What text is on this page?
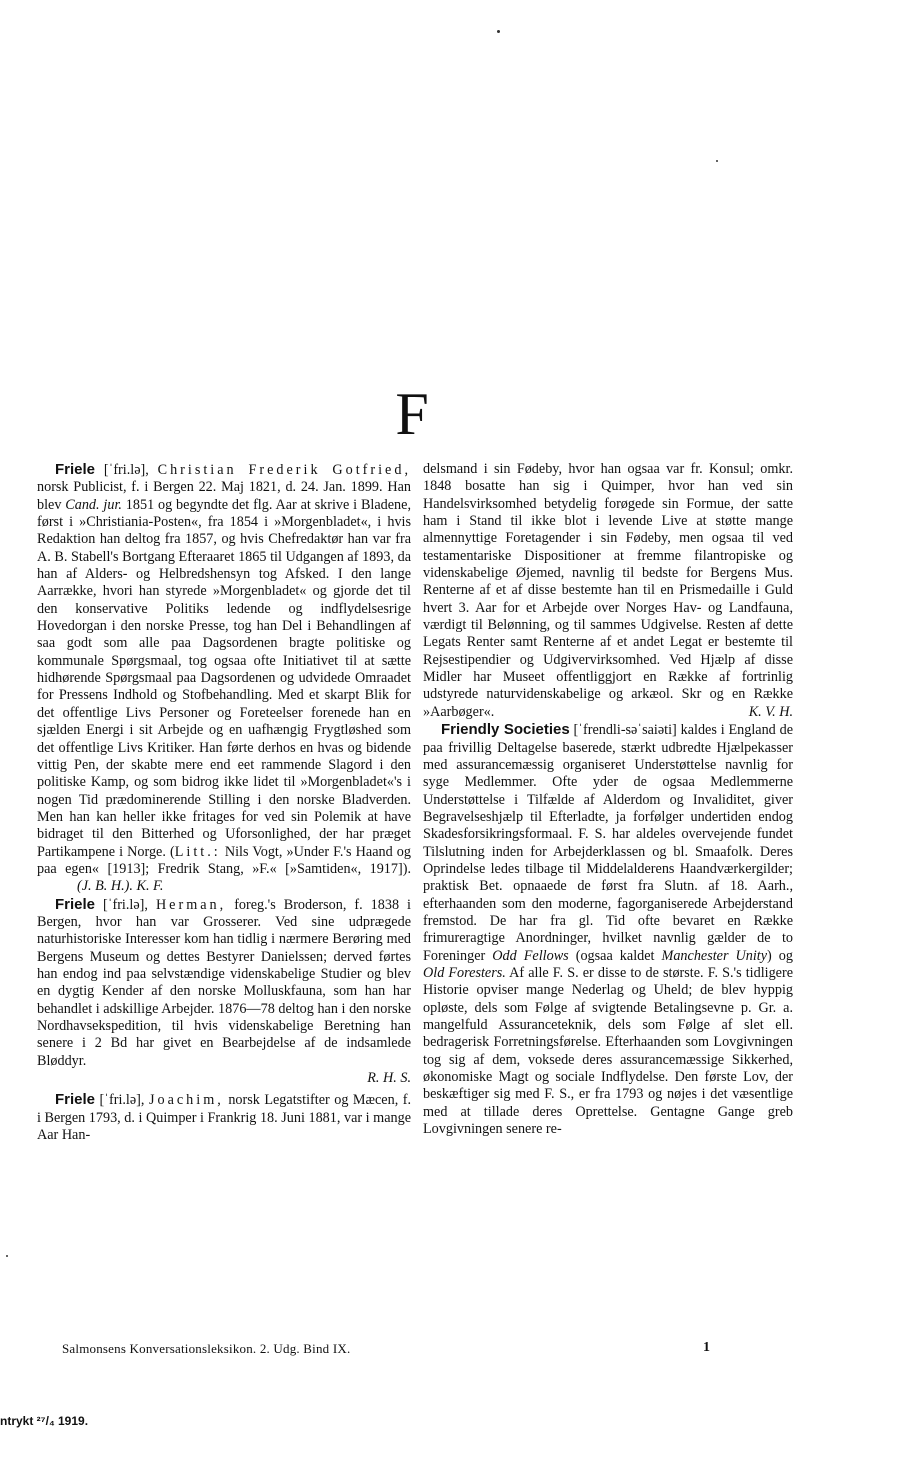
F

Friele [ˈfri.lə], Christian Frederik Gotfried, norsk Publicist, f. i Bergen 22. Maj 1821, d. 24. Jan. 1899. Han blev Cand. jur. 1851 og begyndte det flg. Aar at skrive i Bladene, først i »Christiania-Posten«, fra 1854 i »Morgenbladet«, i hvis Redaktion han deltog fra 1857, og hvis Chefredaktør han var fra A. B. Stabell's Bortgang Efteraaret 1865 til Udgangen af 1893, da han af Alders- og Helbredshensyn tog Afsked. I den lange Aarrække, hvori han styrede »Morgenbladet« og gjorde det til den konservative Politiks ledende og indflydelsesrige Hovedorgan i den norske Presse, tog han Del i Behandlingen af saa godt som alle paa Dagsordenen bragte politiske og kommunale Spørgsmaal, tog ogsaa ofte Initiativet til at sætte hidhørende Spørgsmaal paa Dagsordenen og udvidede Omraadet for Pressens Indhold og Stofbehandling. Med et skarpt Blik for det offentlige Livs Personer og Foreteelser forenede han en sjælden Energi i sit Arbejde og en uafhængig Frygtløshed som det offentlige Livs Kritiker. Han førte derhos en hvas og bidende vittig Pen, der skabte mere end eet rammende Slagord i den politiske Kamp, og som bidrog ikke lidet til »Morgenbladet«'s i nogen Tid prædominerende Stilling i den norske Bladverden. Men han kan heller ikke fritages for ved sin Polemik at have bidraget til den Bitterhed og Uforsonlighed, der har præget Partikampene i Norge. (Litt.: Nils Vogt, »Under F.'s Haand og paa egen« [1913]; Fredrik Stang, »F.« [»Samtiden«, 1917]). (J. B. H.). K. F.

Friele [ˈfri.lə], Herman, foreg.'s Broderson, f. 1838 i Bergen, hvor han var Grosserer. Ved sine udprægede naturhistoriske Interesser kom han tidlig i nærmere Berøring med Bergens Museum og dettes Bestyrer Danielssen; derved førtes han endog ind paa selvstændige videnskabelige Studier og blev en dygtig Kender af den norske Molluskfauna, som han har behandlet i adskillige Arbejder. 1876—78 deltog han i den norske Nordhavsekspedition, til hvis videnskabelige Beretning han senere i 2 Bd har givet en Bearbejdelse af de indsamlede Bløddyr.
R. H. S.

Friele [ˈfri.lə], Joachim, norsk Legatstifter og Mæcen, f. i Bergen 1793, d. i Quimper i Frankrig 18. Juni 1881, var i mange Aar Han-

delsmand i sin Fødeby, hvor han ogsaa var fr. Konsul; omkr. 1848 bosatte han sig i Quimper, hvor han ved sin Handelsvirksomhed betydelig forøgede sin Formue, der satte ham i Stand til ikke blot i levende Live at støtte mange almennyttige Foretagender i sin Fødeby, men ogsaa til ved testamentariske Dispositioner at fremme filantropiske og videnskabelige Øjemed, navnlig til bedste for Bergens Mus. Renterne af et af disse bestemte han til en Prismedaille i Guld hvert 3. Aar for et Arbejde over Norges Hav- og Landfauna, værdigt til Belønning, og til sammes Udgivelse. Resten af dette Legats Renter samt Renterne af et andet Legat er bestemte til Rejsestipendier og Udgivervirksomhed. Ved Hjælp af disse Midler har Museet offentliggjort en Række af fortrinlig udstyrede naturvidenskabelige og arkæol. Skr og en Række »Aarbøger«.	K. V. H.

Friendly Societies [ˈfrendli-səˈsaiəti] kaldes i England de paa frivillig Deltagelse baserede, stærkt udbredte Hjælpekasser med assurancemæssig organiseret Understøttelse navnlig for syge Medlemmer. Ofte yder de ogsaa Medlemmerne Understøttelse i Tilfælde af Alderdom og Invaliditet, giver Begravelseshjælp til Efterladte, ja forfølger undertiden endog Skadesforsikringsformaal. F. S. har aldeles overvejende fundet Tilslutning inden for Arbejderklassen og bl. Smaafolk. Deres Oprindelse ledes tilbage til Middelalderens Haandværkergilder; praktisk Bet. opnaaede de først fra Slutn. af 18. Aarh., efterhaanden som den moderne, fagorganiserede Arbejderstand fremstod. De har fra gl. Tid ofte bevaret en Række frimureragtige Anordninger, hvilket navnlig gælder de to Foreninger Odd Fellows (ogsaa kaldet Manchester Unity) og Old Foresters. Af alle F. S. er disse to de største. F. S.'s tidligere Historie opviser mange Nederlag og Uheld; de blev hyppig opløste, dels som Følge af svigtende Betalingsevne p. Gr. a. mangelfuld Assuranceteknik, dels som Følge af slet ell. bedragerisk Forretningsførelse. Efterhaanden som Lovgivningen tog sig af dem, voksede deres assurancemæssige Sikkerhed, økonomiske Magt og sociale Indflydelse. Den første Lov, der beskæftiger sig med F. S., er fra 1793 og nøjes i det væsentlige med at tillade deres Oprettelse. Gentagne Gange greb Lovgivningen senere re-

Salmonsens Konversationsleksikon. 2. Udg. Bind IX.	1
ntrykt ²⁷/₄ 1919.
